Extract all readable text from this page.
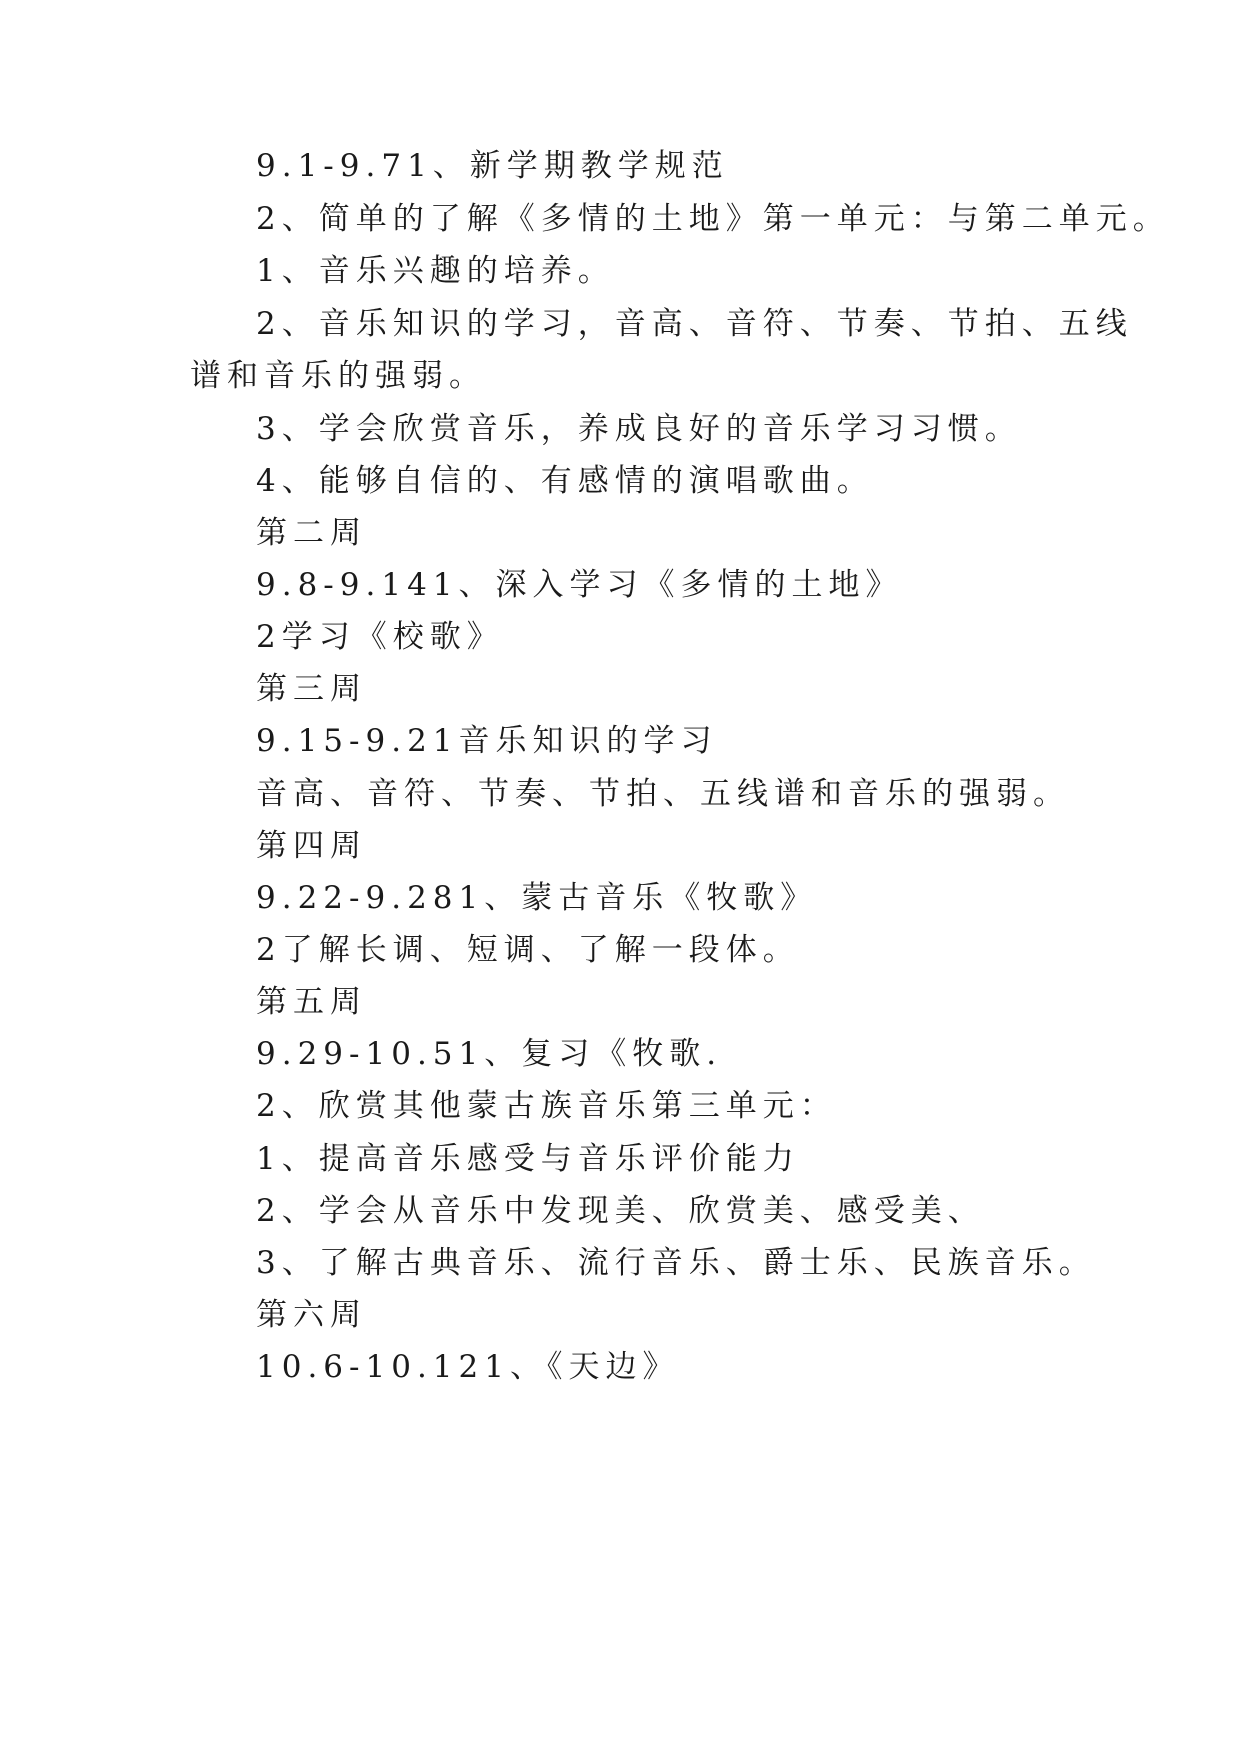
9.1-9.71、新学期教学规范

2、简单的了解《多情的土地》第一单元：与第二单元。

1、音乐兴趣的培养。

2、音乐知识的学习，音高、音符、节奏、节拍、五线

谱和音乐的强弱。

3、学会欣赏音乐，养成良好的音乐学习习惯。

4、能够自信的、有感情的演唱歌曲。

第二周

9.8-9.141、深入学习《多情的土地》

2学习《校歌》

第三周

9.15-9.21音乐知识的学习

音高、音符、节奏、节拍、五线谱和音乐的强弱。

第四周

9.22-9.281、蒙古音乐《牧歌》

2了解长调、短调、了解一段体。

第五周

9.29-10.51、复习《牧歌.

2、欣赏其他蒙古族音乐第三单元：

1、提高音乐感受与音乐评价能力

2、学会从音乐中发现美、欣赏美、感受美、

3、了解古典音乐、流行音乐、爵士乐、民族音乐。

第六周

10.6-10.121、《天边》
